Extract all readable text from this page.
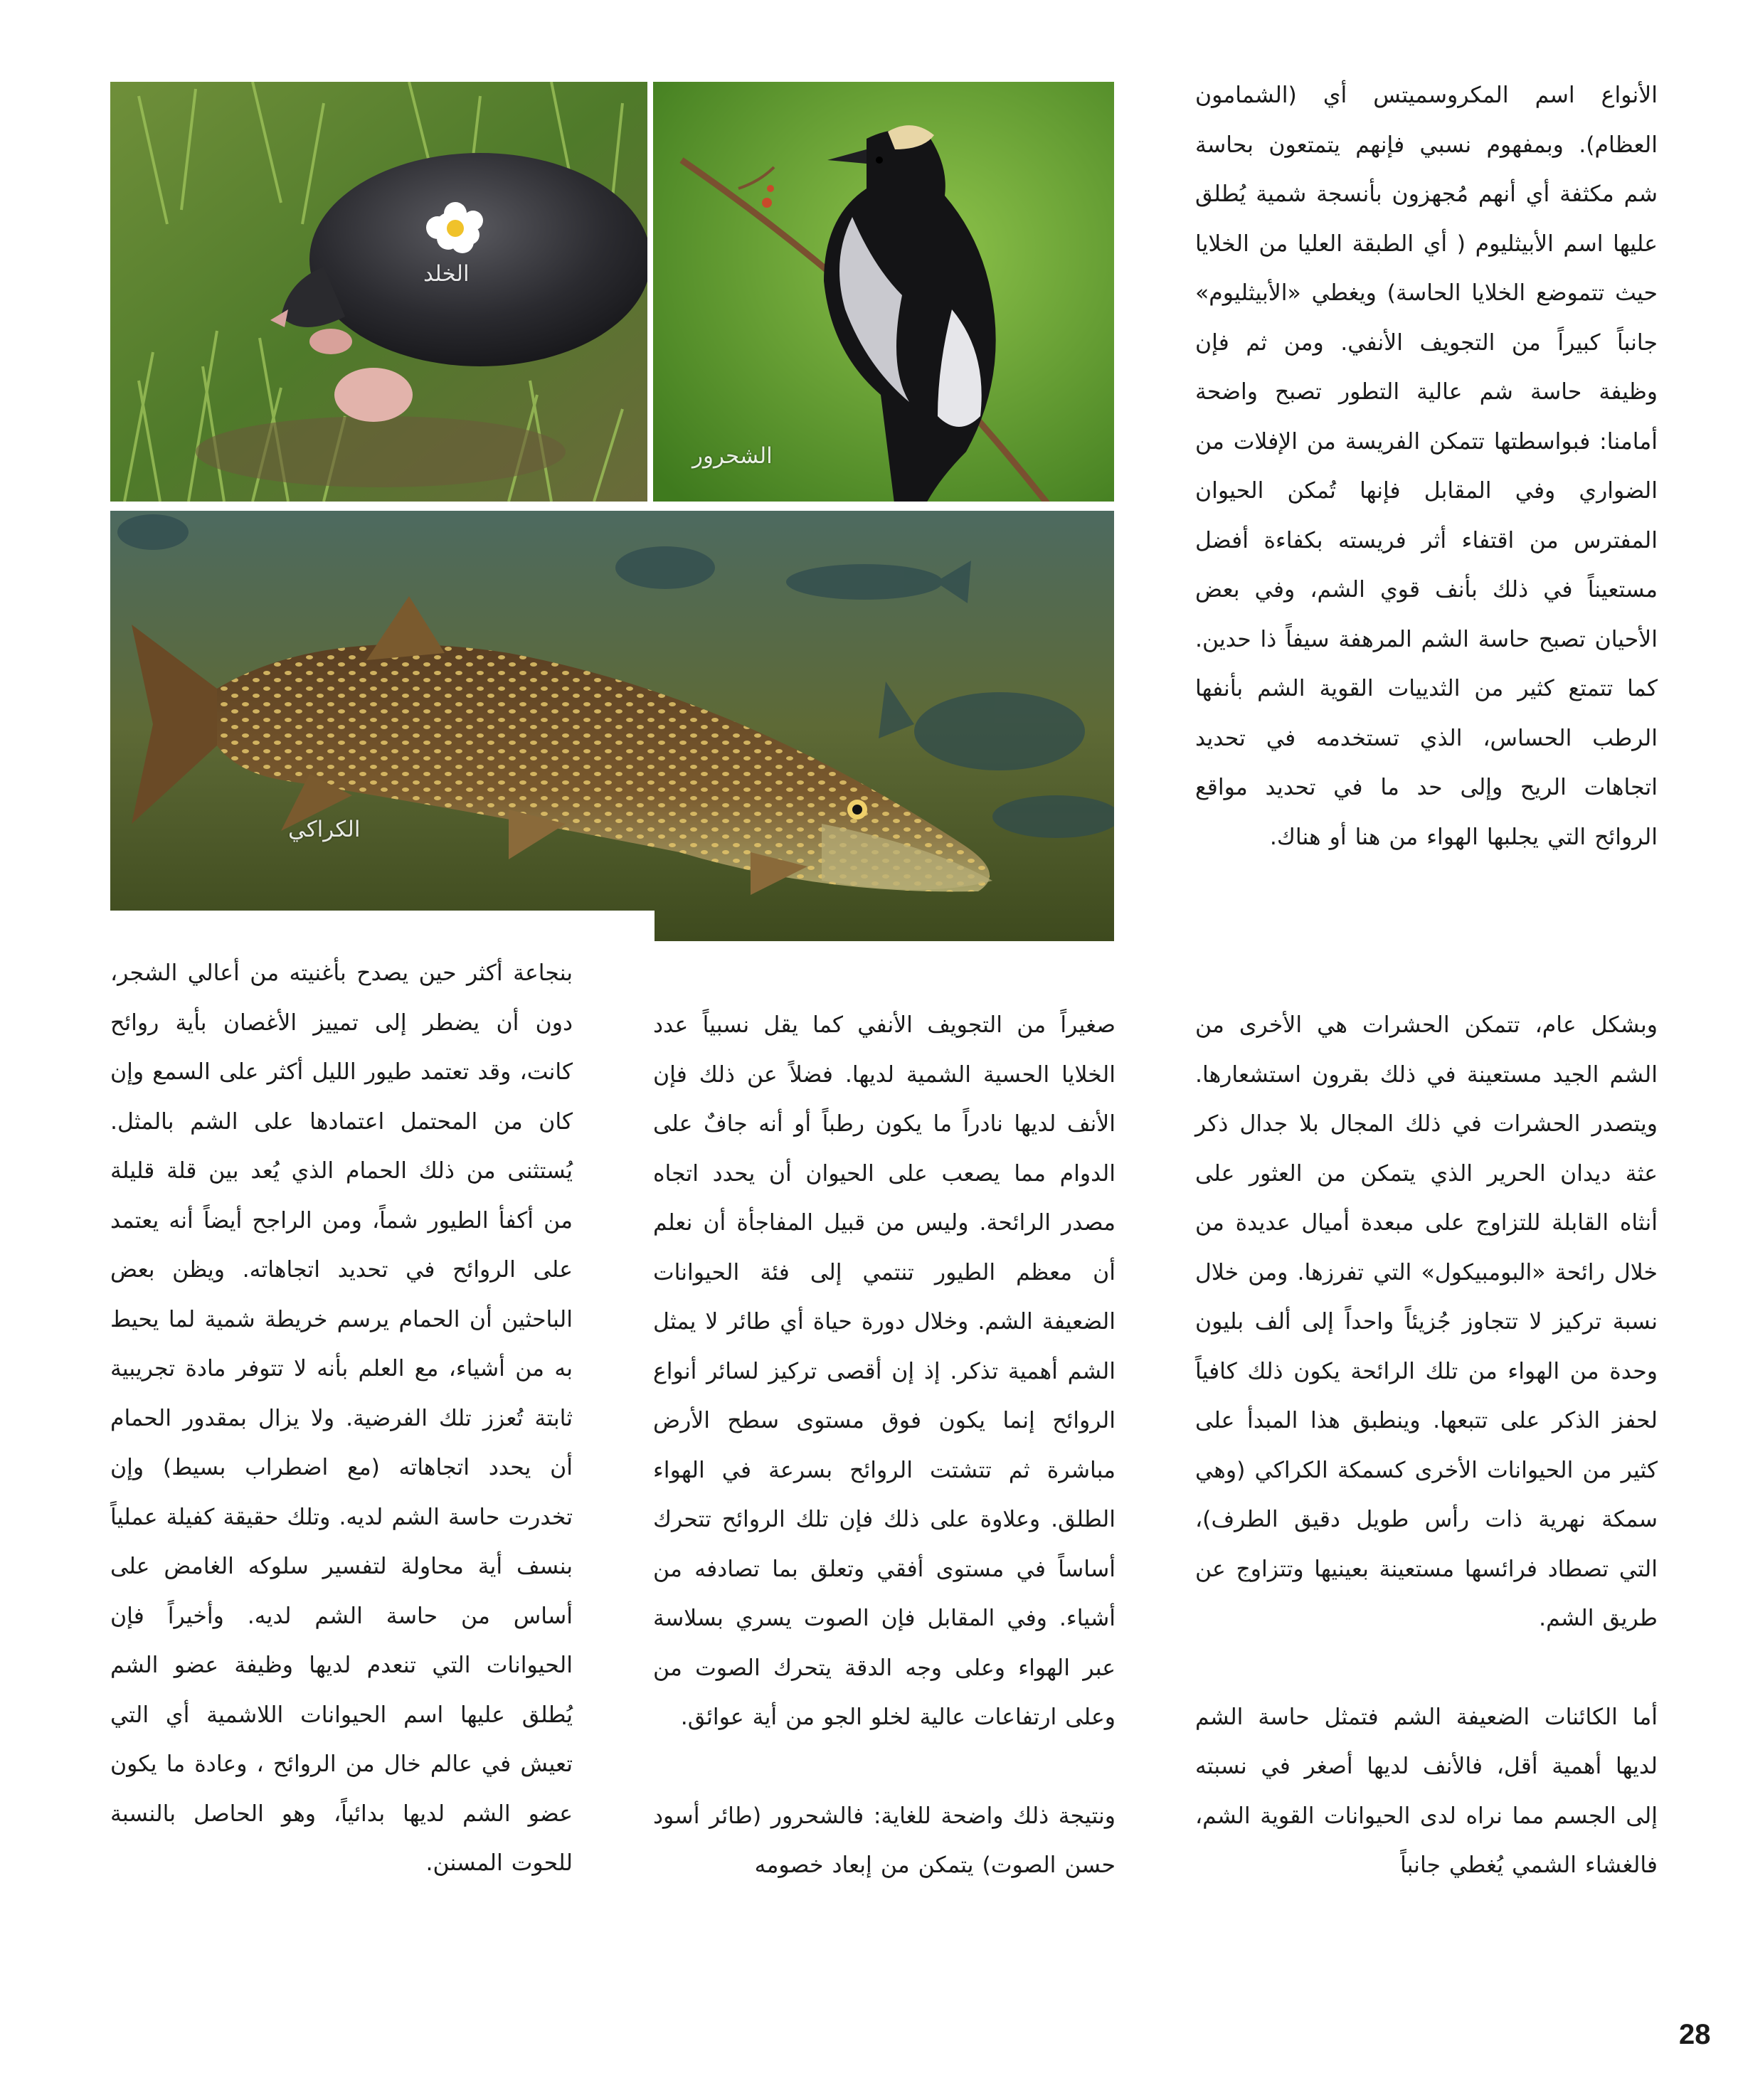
الخلد
الشحرور
الكراكي

الأنواع اسم المكروسميتس أي (الشمامون العظام). وبمفهوم نسبي فإنهم يتمتعون بحاسة شم مكثفة أي أنهم مُجهزون بأنسجة شمية يُطلق عليها اسم الأبيثليوم ( أي الطبقة العليا من الخلايا حيث تتموضع الخلايا الحاسة) ويغطي «الأبيثليوم» جانباً كبيراً من التجويف الأنفي. ومن ثم فإن وظيفة حاسة شم عالية التطور تصبح واضحة أمامنا: فبواسطتها تتمكن الفريسة من الإفلات من الضواري وفي المقابل فإنها تُمكن الحيوان المفترس من اقتفاء أثر فريسته بكفاءة أفضل مستعيناً في ذلك بأنف قوي الشم، وفي بعض الأحيان تصبح حاسة الشم المرهفة سيفاً ذا حدين. كما تتمتع كثير من الثدييات القوية الشم بأنفها الرطب الحساس، الذي تستخدمه في تحديد اتجاهات الريح وإلى حد ما في تحديد مواقع الروائح التي يجلبها الهواء من هنا أو هناك.

وبشكل عام، تتمكن الحشرات هي الأخرى من الشم الجيد مستعينة في ذلك بقرون استشعارها. ويتصدر الحشرات في ذلك المجال بلا جدال ذكر عثة ديدان الحرير الذي يتمكن من العثور على أنثاه القابلة للتزاوج على مبعدة أميال عديدة من خلال رائحة «البومبيكول» التي تفرزها. ومن خلال نسبة تركيز لا تتجاوز جُزيئاً واحداً إلى ألف بليون وحدة من الهواء من تلك الرائحة يكون ذلك كافياً لحفز الذكر على تتبعها. وينطبق هذا المبدأ على كثير من الحيوانات الأخرى كسمكة الكراكي (وهي سمكة نهرية ذات رأس طويل دقيق الطرف)، التي تصطاد فرائسها مستعينة بعينيها وتتزاوج عن طريق الشم.

أما الكائنات الضعيفة الشم فتمثل حاسة الشم لديها أهمية أقل، فالأنف لديها أصغر في نسبته إلى الجسم مما نراه لدى الحيوانات القوية الشم، فالغشاء الشمي يُغطي جانباً

صغيراً من التجويف الأنفي كما يقل نسبياً عدد الخلايا الحسية الشمية لديها. فضلاً عن ذلك فإن الأنف لديها نادراً ما يكون رطباً أو أنه جافٌ على الدوام مما يصعب على الحيوان أن يحدد اتجاه مصدر الرائحة. وليس من قبيل المفاجأة أن نعلم أن معظم الطيور تنتمي إلى فئة الحيوانات الضعيفة الشم. وخلال دورة حياة أي طائر لا يمثل الشم أهمية تذكر. إذ إن أقصى تركيز لسائر أنواع الروائح إنما يكون فوق مستوى سطح الأرض مباشرة ثم تتشتت الروائح بسرعة في الهواء الطلق. وعلاوة على ذلك فإن تلك الروائح تتحرك أساساً في مستوى أفقي وتعلق بما تصادفه من أشياء. وفي المقابل فإن الصوت يسري بسلاسة عبر الهواء وعلى وجه الدقة يتحرك الصوت من وعلى ارتفاعات عالية لخلو الجو من أية عوائق.

ونتيجة ذلك واضحة للغاية: فالشحرور (طائر أسود حسن الصوت) يتمكن من إبعاد خصومه

بنجاعة أكثر حين يصدح بأغنيته من أعالي الشجر، دون أن يضطر إلى تمييز الأغصان بأية روائح كانت، وقد تعتمد طيور الليل أكثر على السمع وإن كان من المحتمل اعتمادها على الشم بالمثل. يُستثنى من ذلك الحمام الذي يُعد بين قلة قليلة من أكفأ الطيور شماً، ومن الراجح أيضاً أنه يعتمد على الروائح في تحديد اتجاهاته. ويظن بعض الباحثين أن الحمام يرسم خريطة شمية لما يحيط به من أشياء، مع العلم بأنه لا تتوفر مادة تجريبية ثابتة تُعزز تلك الفرضية. ولا يزال بمقدور الحمام أن يحدد اتجاهاته (مع اضطراب بسيط) وإن تخدرت حاسة الشم لديه. وتلك حقيقة كفيلة عملياً بنسف أية محاولة لتفسير سلوكه الغامض على أساس من حاسة الشم لديه. وأخيراً فإن الحيوانات التي تنعدم لديها وظيفة عضو الشم يُطلق عليها اسم الحيوانات اللاشمية أي التي تعيش في عالم خال من الروائح ، وعادة ما يكون عضو الشم لديها بدائياً، وهو الحاصل بالنسبة للحوت المسنن.

28
